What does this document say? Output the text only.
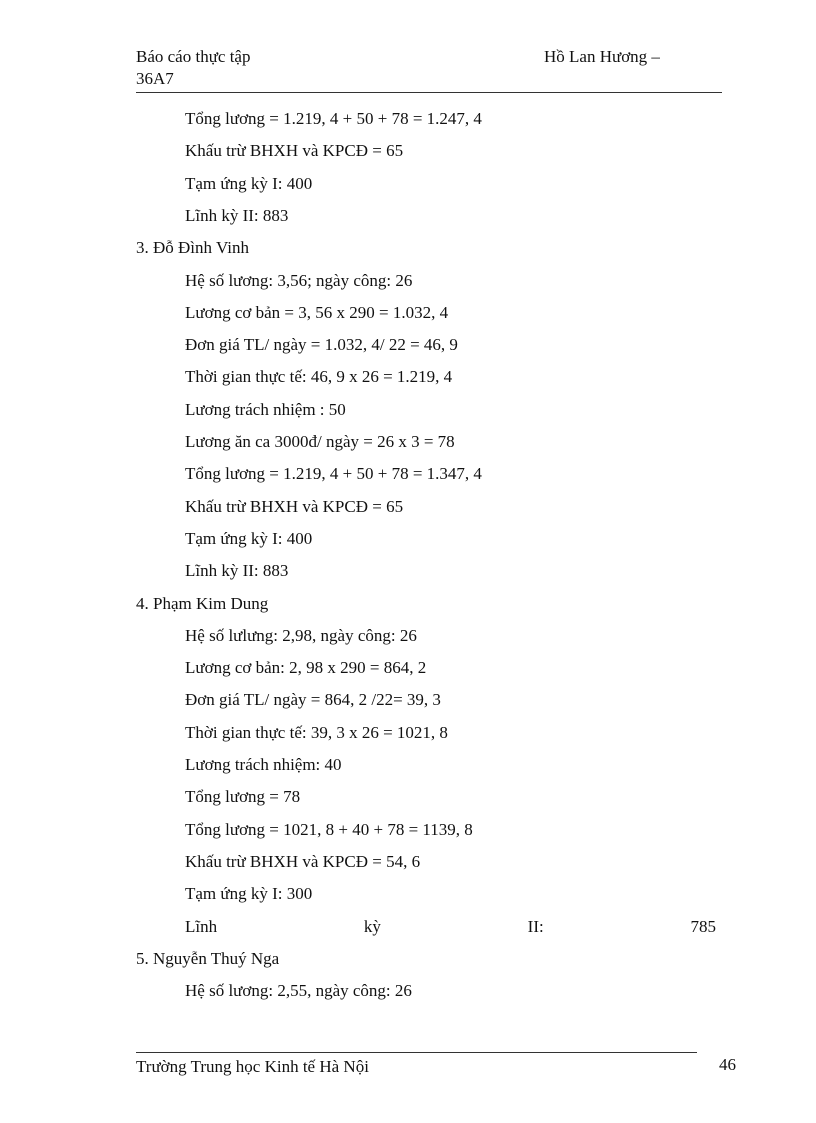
Báo cáo thực tập
36A7
Hồ Lan Hương –
Tổng lương = 1.219, 4 + 50 + 78 = 1.247, 4
Khấu trừ BHXH và KPCĐ = 65
Tạm ứng kỳ I: 400
Lĩnh kỳ II: 883
3. Đỗ Đình Vinh
Hệ số lương: 3,56; ngày công: 26
Lương cơ bản = 3, 56 x 290 = 1.032, 4
Đơn giá TL/ ngày = 1.032, 4/ 22 = 46, 9
Thời gian thực tế: 46, 9 x 26 = 1.219, 4
Lương trách nhiệm : 50
Lương ăn ca 3000đ/ ngày = 26 x 3 = 78
Tổng lương = 1.219, 4 + 50 + 78 = 1.347, 4
Khấu trừ BHXH và KPCĐ = 65
Tạm ứng kỳ I: 400
Lĩnh kỳ II: 883
4. Phạm Kim Dung
Hệ số lưlưng: 2,98, ngày công: 26
Lương cơ bản: 2, 98 x 290 = 864, 2
Đơn giá TL/ ngày = 864, 2 /22= 39, 3
Thời gian thực tế: 39, 3 x 26 = 1021, 8
Lương trách nhiệm: 40
Tổng lương = 78
Tổng lương = 1021, 8 + 40 + 78 = 1139, 8
Khấu trừ BHXH và KPCĐ = 54, 6
Tạm ứng kỳ I: 300
Lĩnh	kỳ	II:	785
5. Nguyễn Thuý Nga
Hệ số lương: 2,55, ngày công: 26
Trường Trung học Kinh tế Hà Nội	46
